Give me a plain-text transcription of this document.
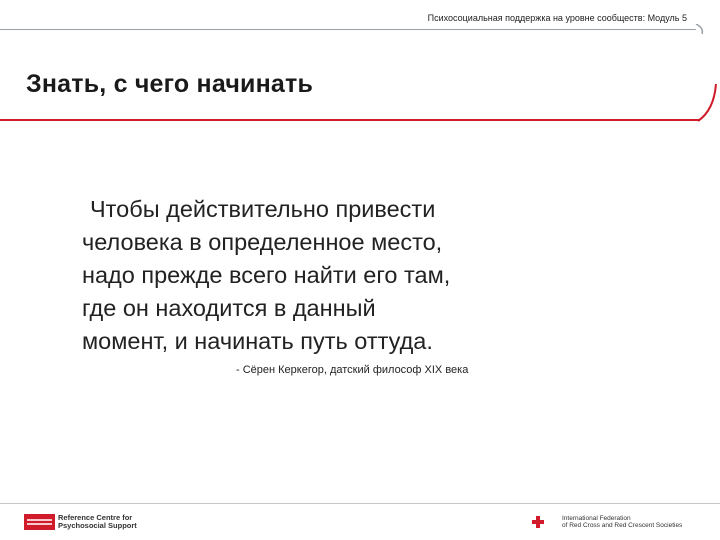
Психосоциальная поддержка на уровне сообществ: Модуль 5
Знать, с чего начинать
Чтобы действительно привести
человека в определенное место,
надо прежде всего найти его там,
где он находится в данный
момент, и начинать путь оттуда.
- Сёрен Керкегор, датский философ XIX века
Reference Centre for
Psychosocial Support
International Federation
of Red Cross and Red Crescent Societies
